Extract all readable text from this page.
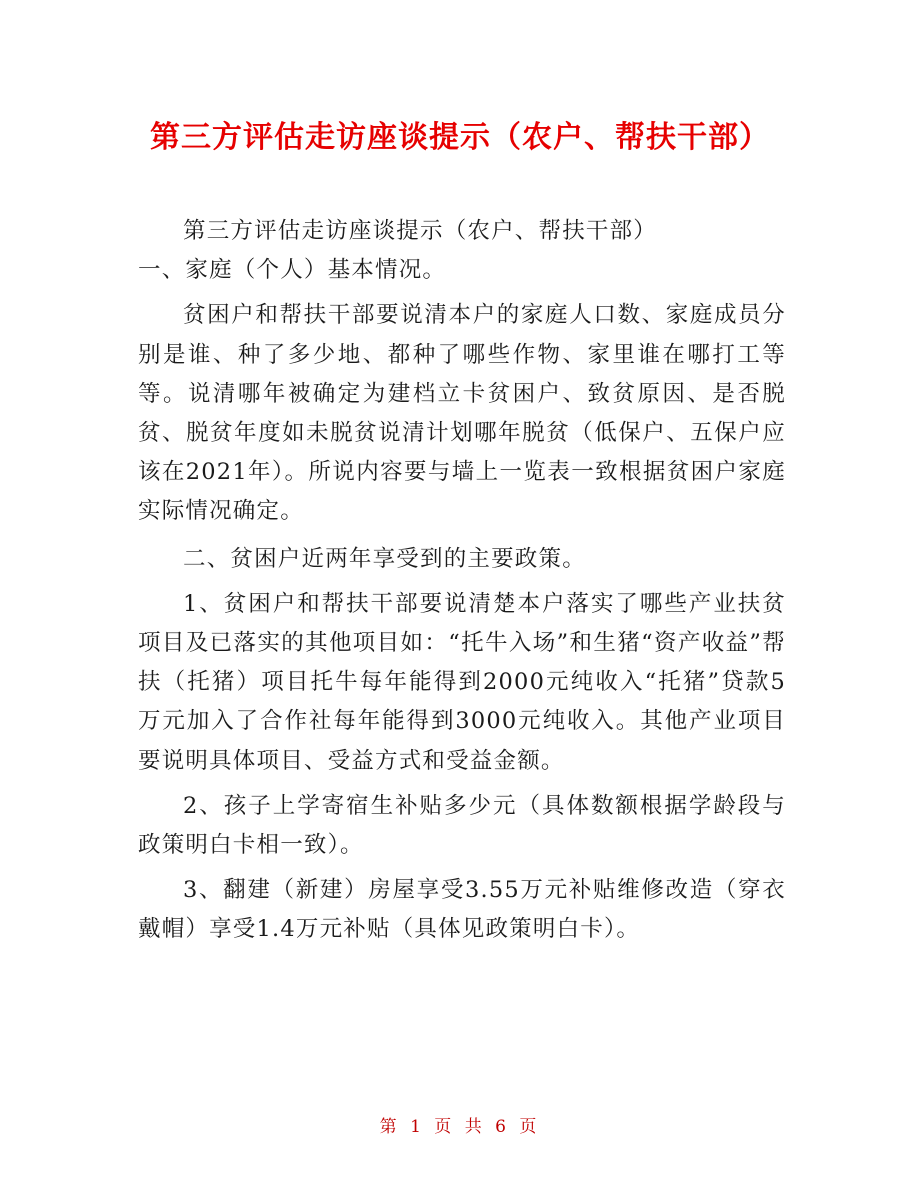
第三方评估走访座谈提示（农户、帮扶干部）

第三方评估走访座谈提示（农户、帮扶干部）

一、家庭（个人）基本情况。

贫困户和帮扶干部要说清本户的家庭人口数、家庭成员分别是谁、种了多少地、都种了哪些作物、家里谁在哪打工等等。说清哪年被确定为建档立卡贫困户、致贫原因、是否脱贫、脱贫年度如未脱贫说清计划哪年脱贫（低保户、五保户应该在2021年）。所说内容要与墙上一览表一致根据贫困户家庭实际情况确定。

二、贫困户近两年享受到的主要政策。

1、贫困户和帮扶干部要说清楚本户落实了哪些产业扶贫项目及已落实的其他项目如：“托牛入场”和生猪“资产收益”帮扶（托猪）项目托牛每年能得到2000元纯收入“托猪”贷款5万元加入了合作社每年能得到3000元纯收入。其他产业项目要说明具体项目、受益方式和受益金额。

2、孩子上学寄宿生补贴多少元（具体数额根据学龄段与政策明白卡相一致）。

3、翻建（新建）房屋享受3.55万元补贴维修改造（穿衣戴帽）享受1.4万元补贴（具体见政策明白卡）。

第 1 页 共 6 页
